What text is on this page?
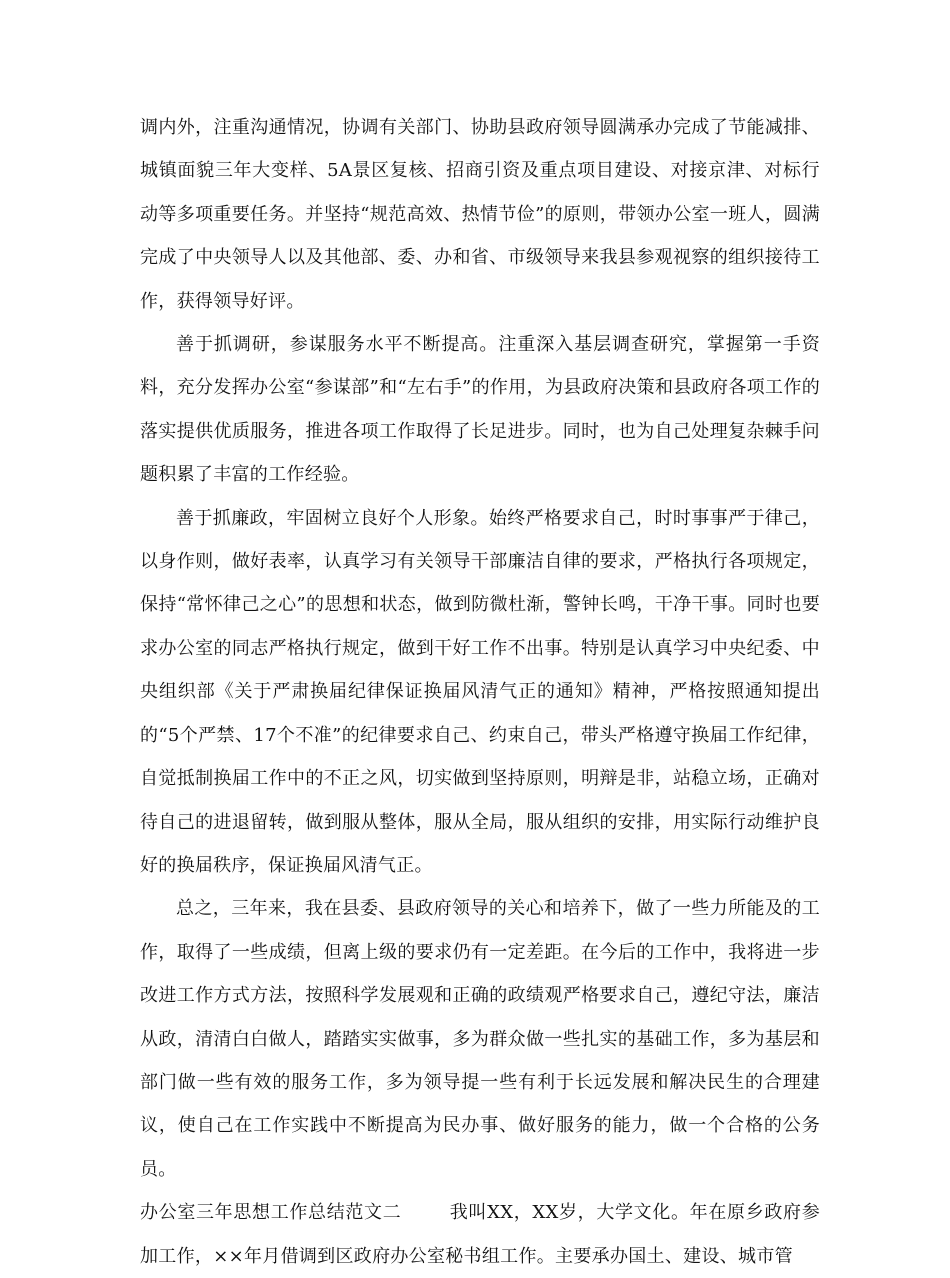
调内外，注重沟通情况，协调有关部门、协助县政府领导圆满承办完成了节能减排、城镇面貌三年大变样、5A景区复核、招商引资及重点项目建设、对接京津、对标行动等多项重要任务。并坚持“规范高效、热情节俭”的原则，带领办公室一班人，圆满完成了中央领导人以及其他部、委、办和省、市级领导来我县参观视察的组织接待工作，获得领导好评。

善于抓调研，参谋服务水平不断提高。注重深入基层调查研究，掌握第一手资料，充分发挥办公室“参谋部”和“左右手”的作用，为县政府决策和县政府各项工作的落实提供优质服务，推进各项工作取得了长足进步。同时，也为自己处理复杂棘手问题积累了丰富的工作经验。

善于抓廉政，牢固树立良好个人形象。始终严格要求自己，时时事事严于律己，以身作则，做好表率，认真学习有关领导干部廉洁自律的要求，严格执行各项规定，保持“常怀律己之心”的思想和状态，做到防微杜渐，警钟长鸣，干净干事。同时也要求办公室的同志严格执行规定，做到干好工作不出事。特别是认真学习中央纪委、中央组织部《关于严肃换届纪律保证换届风清气正的通知》精神，严格按照通知提出的“5个严禁、17个不准”的纪律要求自己、约束自己，带头严格遵守换届工作纪律，自觉抵制换届工作中的不正之风，切实做到坚持原则，明辩是非，站稳立场，正确对待自己的进退留转，做到服从整体，服从全局，服从组织的安排，用实际行动维护良好的换届秩序，保证换届风清气正。

总之，三年来，我在县委、县政府领导的关心和培养下，做了一些力所能及的工作，取得了一些成绩，但离上级的要求仍有一定差距。在今后的工作中，我将进一步改进工作方式方法，按照科学发展观和正确的政绩观严格要求自己，遵纪守法，廉洁从政，清清白白做人，踏踏实实做事，多为群众做一些扎实的基础工作，多为基层和部门做一些有效的服务工作，多为领导提一些有利于长远发展和解决民生的合理建议，使自己在工作实践中不断提高为民办事、做好服务的能力，做一个合格的公务员。

办公室三年思想工作总结范文二	我叫XX，XX岁，大学文化。年在原乡政府参加工作，××年月借调到区政府办公室秘书组工作。主要承办国土、建设、城市管
